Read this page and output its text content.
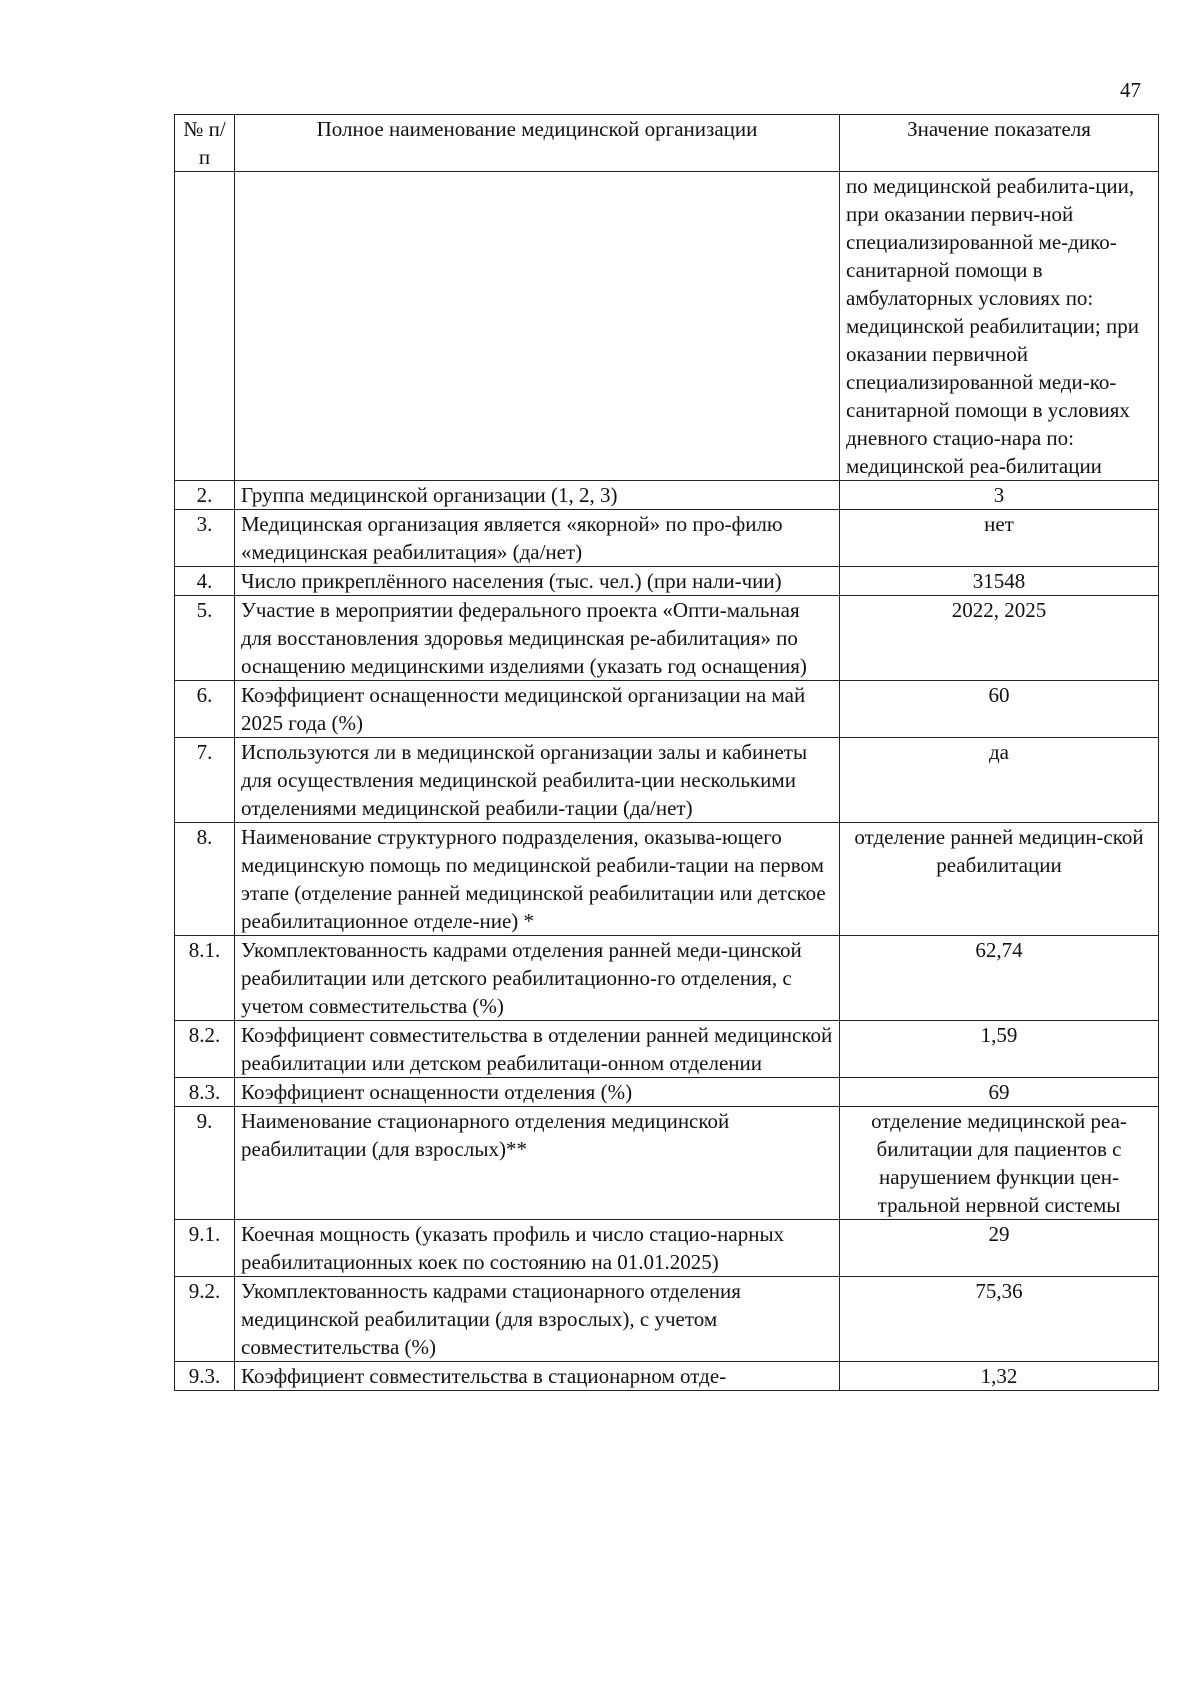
47
№ п/п	Полное наименование медицинской организации	Значение показателя
		по медицинской реабилита-ции, при оказании первич-ной специализированной ме-дико-санитарной помощи в амбулаторных условиях по: медицинской реабилитации; при оказании первичной специализированной меди-ко-санитарной помощи в условиях дневного стацио-нара по: медицинской реа-билитации
2.	Группа медицинской организации (1, 2, 3)	3
3.	Медицинская организация является «якорной» по про-филю «медицинская реабилитация» (да/нет)	нет
4.	Число прикреплённого населения (тыс. чел.) (при нали-чии)	31548
5.	Участие в мероприятии федерального проекта «Опти-мальная для восстановления здоровья медицинская ре-абилитация» по оснащению медицинскими изделиями (указать год оснащения)	2022, 2025
6.	Коэффициент оснащенности медицинской организации на май 2025 года (%)	60
7.	Используются ли в медицинской организации залы и кабинеты для осуществления медицинской реабилита-ции несколькими отделениями медицинской реабили-тации (да/нет)	да
8.	Наименование структурного подразделения, оказыва-ющего медицинскую помощь по медицинской реабили-тации на первом этапе (отделение ранней медицинской реабилитации или детское реабилитационное отделе-ние) *	отделение ранней медицин-ской реабилитации
8.1.	Укомплектованность кадрами отделения ранней меди-цинской реабилитации или детского реабилитационно-го отделения, с учетом совместительства (%)	62,74
8.2.	Коэффициент совместительства в отделении ранней медицинской реабилитации или детском реабилитаци-онном отделении	1,59
8.3.	Коэффициент оснащенности отделения (%)	69
9.	Наименование стационарного отделения медицинской реабилитации (для взрослых)**	отделение медицинской реа-билитации для пациентов с нарушением функции цен-тральной нервной системы
9.1.	Коечная мощность (указать профиль и число стацио-нарных реабилитационных коек по состоянию на 01.01.2025)	29
9.2.	Укомплектованность кадрами стационарного отделения медицинской реабилитации (для взрослых), с учетом совместительства (%)	75,36
9.3.	Коэффициент совместительства в стационарном отде-	1,32
